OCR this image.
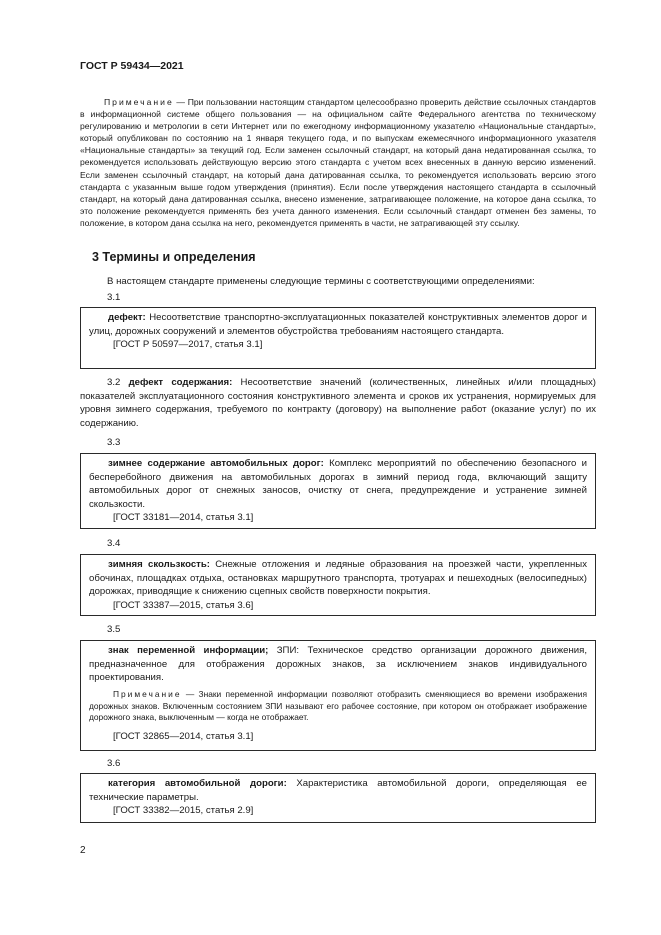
ГОСТ Р 59434—2021
Примечание — При пользовании настоящим стандартом целесообразно проверить действие ссылочных стандартов в информационной системе общего пользования — на официальном сайте Федерального агентства по техническому регулированию и метрологии в сети Интернет или по ежегодному информационному указателю «Национальные стандарты», который опубликован по состоянию на 1 января текущего года, и по выпускам ежемесячного информационного указателя «Национальные стандарты» за текущий год. Если заменен ссылочный стандарт, на который дана недатированная ссылка, то рекомендуется использовать действующую версию этого стандарта с учетом всех внесенных в данную версию изменений. Если заменен ссылочный стандарт, на который дана датированная ссылка, то рекомендуется использовать версию этого стандарта с указанным выше годом утверждения (принятия). Если после утверждения настоящего стандарта в ссылочный стандарт, на который дана датированная ссылка, внесено изменение, затрагивающее положение, на которое дана ссылка, то это положение рекомендуется применять без учета данного изменения. Если ссылочный стандарт отменен без замены, то положение, в котором дана ссылка на него, рекомендуется применять в части, не затрагивающей эту ссылку.
3 Термины и определения
В настоящем стандарте применены следующие термины с соответствующими определениями:
3.1

дефект: Несоответствие транспортно-эксплуатационных показателей конструктивных элементов дорог и улиц, дорожных сооружений и элементов обустройства требованиям настоящего стандарта.

[ГОСТ Р 50597—2017, статья 3.1]

3.2 дефект содержания: Несоответствие значений (количественных, линейных и/или площадных) показателей эксплуатационного состояния конструктивного элемента и сроков их устранения, нормируемых для уровня зимнего содержания, требуемого по контракту (договору) на выполнение работ (оказание услуг) по их содержанию.
3.3

зимнее содержание автомобильных дорог: Комплекс мероприятий по обеспечению безопасного и бесперебойного движения на автомобильных дорогах в зимний период года, включающий защиту автомобильных дорог от снежных заносов, очистку от снега, предупреждение и устранение зимней скользкости.

[ГОСТ 33181—2014, статья 3.1]

3.4

зимняя скользкость: Снежные отложения и ледяные образования на проезжей части, укрепленных обочинах, площадках отдыха, остановках маршрутного транспорта, тротуарах и пешеходных (велосипедных) дорожках, приводящие к снижению сцепных свойств поверхности покрытия.

[ГОСТ 33387—2015, статья 3.6]

3.5

знак переменной информации; ЗПИ: Техническое средство организации дорожного движения, предназначенное для отображения дорожных знаков, за исключением знаков индивидуального проектирования.

Примечание — Знаки переменной информации позволяют отобразить сменяющиеся во времени изображения дорожных знаков. Включенным состоянием ЗПИ называют его рабочее состояние, при котором он отображает изображение дорожного знака, выключенным — когда не отображает.

[ГОСТ 32865—2014, статья 3.1]

3.6

категория автомобильной дороги: Характеристика автомобильной дороги, определяющая ее технические параметры.

[ГОСТ 33382—2015, статья 2.9]

2
